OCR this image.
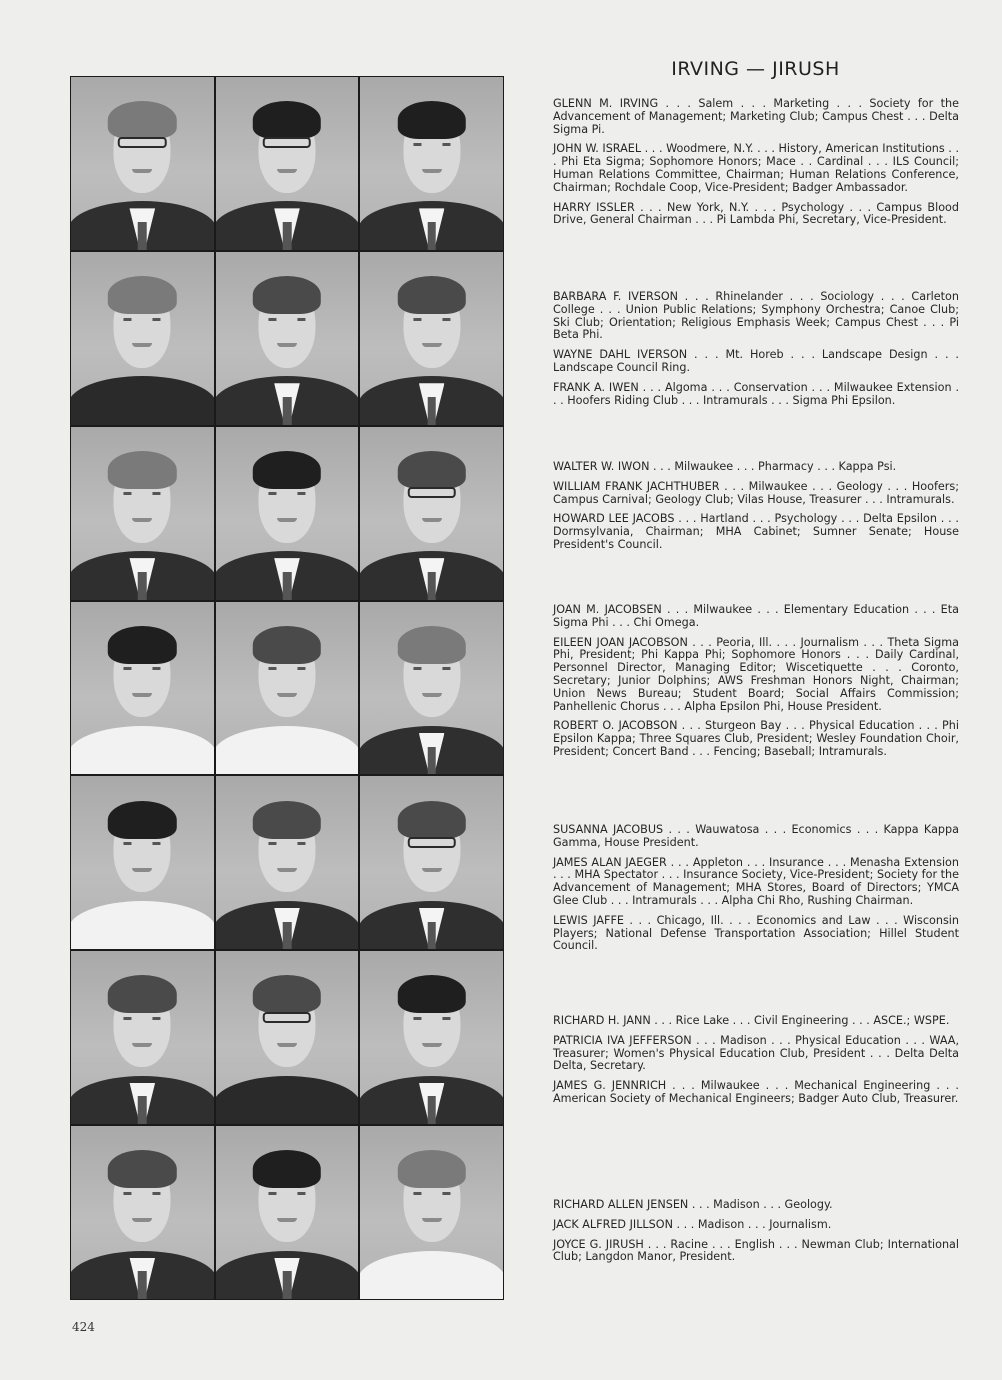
IRVING — JIRUSH

GLENN M. IRVING . . . Salem . . . Marketing . . . Society for the Advancement of Management; Marketing Club; Campus Chest . . . Delta Sigma Pi.

JOHN W. ISRAEL . . . Woodmere, N.Y. . . . History, American Institutions . . . Phi Eta Sigma; Sophomore Honors; Mace . . Cardinal . . . ILS Council; Human Relations Committee, Chairman; Human Relations Conference, Chairman; Rochdale Coop, Vice-President; Badger Ambassador.

HARRY ISSLER . . . New York, N.Y. . . . Psychology . . . Campus Blood Drive, General Chairman . . . Pi Lambda Phi, Secretary, Vice-President.

BARBARA F. IVERSON . . . Rhinelander . . . Sociology . . . Carleton College . . . Union Public Relations; Symphony Orchestra; Canoe Club; Ski Club; Orientation; Religious Emphasis Week; Campus Chest . . . Pi Beta Phi.

WAYNE DAHL IVERSON . . . Mt. Horeb . . . Landscape Design . . . Landscape Council Ring.

FRANK A. IWEN . . . Algoma . . . Conservation . . . Milwaukee Extension . . . Hoofers Riding Club . . . Intramurals . . . Sigma Phi Epsilon.

WALTER W. IWON . . . Milwaukee . . . Pharmacy . . . Kappa Psi.

WILLIAM FRANK JACHTHUBER . . . Milwaukee . . . Geology . . . Hoofers; Campus Carnival; Geology Club; Vilas House, Treasurer . . . Intramurals.

HOWARD LEE JACOBS . . . Hartland . . . Psychology . . . Delta Epsilon . . . Dormsylvania, Chairman; MHA Cabinet; Sumner Senate; House President's Council.

JOAN M. JACOBSEN . . . Milwaukee . . . Elementary Education . . . Eta Sigma Phi . . . Chi Omega.

EILEEN JOAN JACOBSON . . . Peoria, Ill. . . . Journalism . . . Theta Sigma Phi, President; Phi Kappa Phi; Sophomore Honors . . . Daily Cardinal, Personnel Director, Managing Editor; Wiscetiquette . . . Coronto, Secretary; Junior Dolphins; AWS Freshman Honors Night, Chairman; Union News Bureau; Student Board; Social Affairs Commission; Panhellenic Chorus . . . Alpha Epsilon Phi, House President.

ROBERT O. JACOBSON . . . Sturgeon Bay . . . Physical Education . . . Phi Epsilon Kappa; Three Squares Club, President; Wesley Foundation Choir, President; Concert Band . . . Fencing; Baseball; Intramurals.

SUSANNA JACOBUS . . . Wauwatosa . . . Economics . . . Kappa Kappa Gamma, House President.

JAMES ALAN JAEGER . . . Appleton . . . Insurance . . . Menasha Extension . . . MHA Spectator . . . Insurance Society, Vice-President; Society for the Advancement of Management; MHA Stores, Board of Directors; YMCA Glee Club . . . Intramurals . . . Alpha Chi Rho, Rushing Chairman.

LEWIS JAFFE . . . Chicago, Ill. . . . Economics and Law . . . Wisconsin Players; National Defense Transportation Association; Hillel Student Council.

RICHARD H. JANN . . . Rice Lake . . . Civil Engineering . . . ASCE.; WSPE.

PATRICIA IVA JEFFERSON . . . Madison . . . Physical Education . . . WAA, Treasurer; Women's Physical Education Club, President . . . Delta Delta Delta, Secretary.

JAMES G. JENNRICH . . . Milwaukee . . . Mechanical Engineering . . . American Society of Mechanical Engineers; Badger Auto Club, Treasurer.

RICHARD ALLEN JENSEN . . . Madison . . . Geology.

JACK ALFRED JILLSON . . . Madison . . . Journalism.

JOYCE G. JIRUSH . . . Racine . . . English . . . Newman Club; International Club; Langdon Manor, President.

424
